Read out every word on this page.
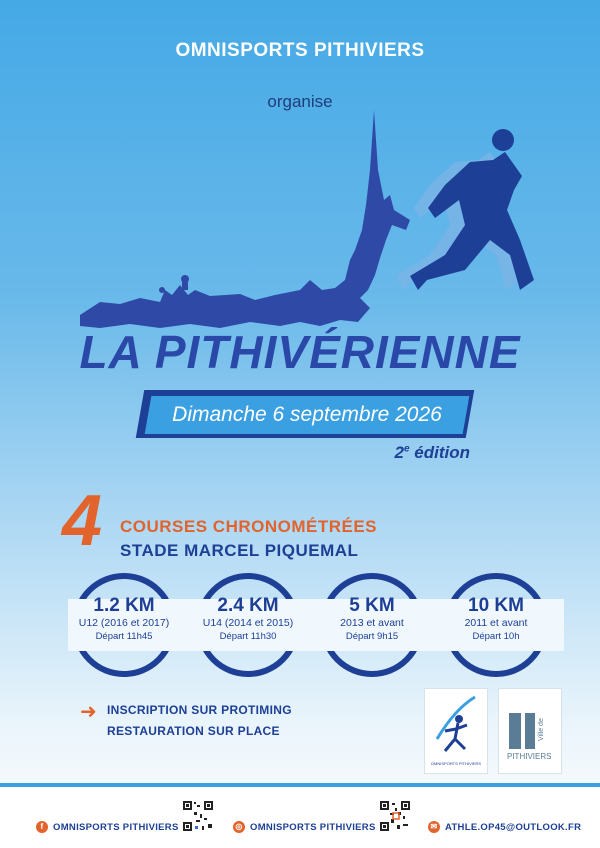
OMNISPORTS PITHIVIERS
organise
LA PITHIVÉRIENNE
Dimanche 6 septembre 2026
2e édition
4 COURSES CHRONOMÉTRÉES
STADE MARCEL PIQUEMAL
1.2 KM
U12 (2016 et 2017)
Départ 11h45
2.4 KM
U14 (2014 et 2015)
Départ 11h30
5 KM
2013 et avant
Départ 9h15
10 KM
2011 et avant
Départ 10h
➜ INSCRIPTION SUR PROTIMING
RESTAURATION SUR PLACE
OMNISPORTS PITHIVIERS
Ville de
PITHIVIERS
f	OMNISPORTS PITHIVIERS	◎ OMNISPORTS PITHIVIERS	✉ ATHLE.OP45@OUTLOOK.FR
